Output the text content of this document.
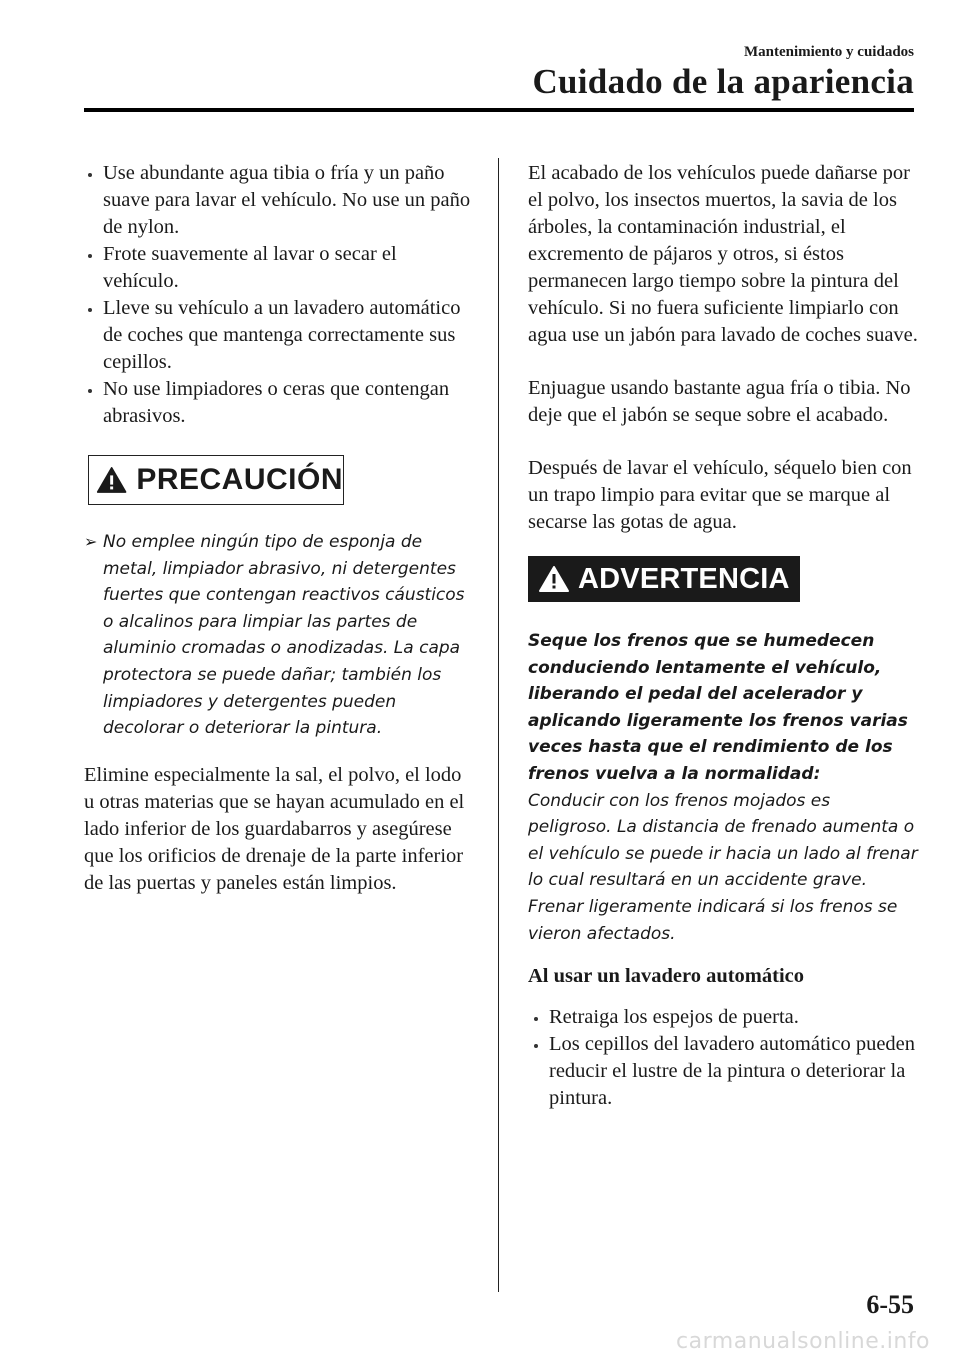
Mantenimiento y cuidados
Cuidado de la apariencia
Use abundante agua tibia o fría y un paño suave para lavar el vehículo. No use un paño de nylon.
Frote suavemente al lavar o secar el vehículo.
Lleve su vehículo a un lavadero automático de coches que mantenga correctamente sus cepillos.
No use limpiadores o ceras que contengan abrasivos.
PRECAUCIÓN
➢ No emplee ningún tipo de esponja de metal, limpiador abrasivo, ni detergentes fuertes que contengan reactivos cáusticos o alcalinos para limpiar las partes de aluminio cromadas o anodizadas. La capa protectora se puede dañar; también los limpiadores y detergentes pueden decolorar o deteriorar la pintura.

Elimine especialmente la sal, el polvo, el lodo u otras materias que se hayan acumulado en el lado inferior de los guardabarros y asegúrese que los orificios de drenaje de la parte inferior de las puertas y paneles están limpios.

El acabado de los vehículos puede dañarse por el polvo, los insectos muertos, la savia de los árboles, la contaminación industrial, el excremento de pájaros y otros, si éstos permanecen largo tiempo sobre la pintura del vehículo. Si no fuera suficiente limpiarlo con agua use un jabón para lavado de coches suave.

Enjuague usando bastante agua fría o tibia. No deje que el jabón se seque sobre el acabado.

Después de lavar el vehículo, séquelo bien con un trapo limpio para evitar que se marque al secarse las gotas de agua.

ADVERTENCIA

Seque los frenos que se humedecen conduciendo lentamente el vehículo, liberando el pedal del acelerador y aplicando ligeramente los frenos varias veces hasta que el rendimiento de los frenos vuelva a la normalidad:

Conducir con los frenos mojados es peligroso. La distancia de frenado aumenta o el vehículo se puede ir hacia un lado al frenar lo cual resultará en un accidente grave. Frenar ligeramente indicará si los frenos se vieron afectados.

Al usar un lavadero automático

Retraiga los espejos de puerta.
Los cepillos del lavadero automático pueden reducir el lustre de la pintura o deteriorar la pintura.
6-55
carmanualsonline.info
